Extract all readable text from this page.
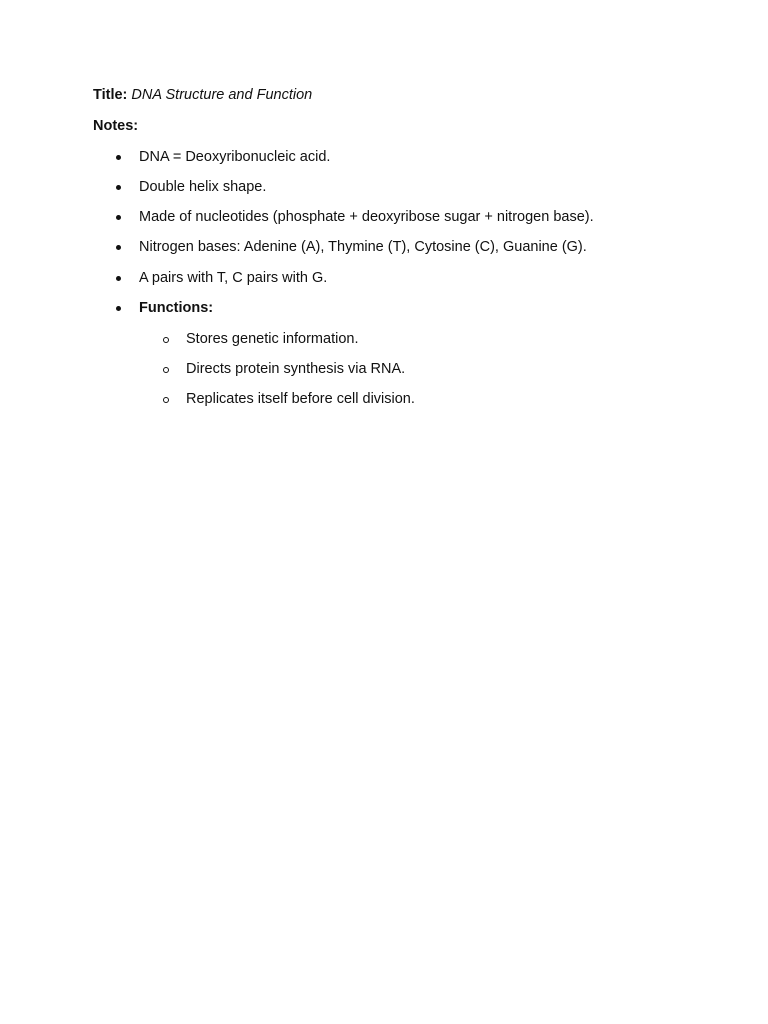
Title: DNA Structure and Function
Notes:
DNA = Deoxyribonucleic acid.
Double helix shape.
Made of nucleotides (phosphate + deoxyribose sugar + nitrogen base).
Nitrogen bases: Adenine (A), Thymine (T), Cytosine (C), Guanine (G).
A pairs with T, C pairs with G.
Functions:
Stores genetic information.
Directs protein synthesis via RNA.
Replicates itself before cell division.
